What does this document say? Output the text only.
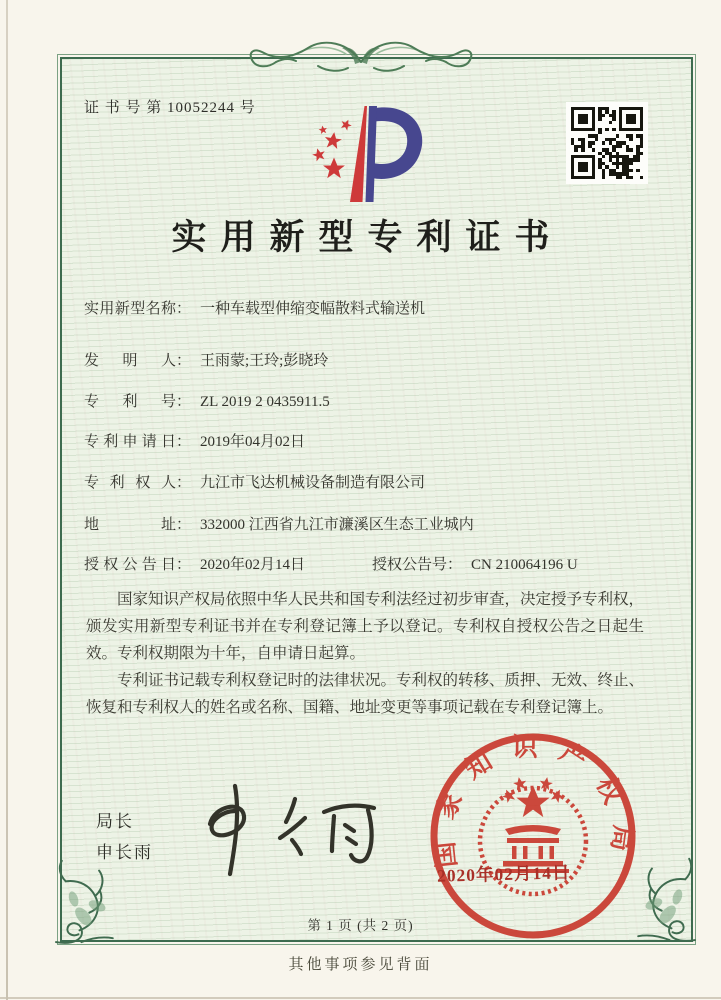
证 书 号 第 10052244 号
实用新型专利证书
实用新型名称： 一种车载型伸缩变幅散料式输送机
发明人： 王雨蒙;王玲;彭晓玲
专利号： ZL 2019 2 0435911.5
专利申请日： 2019年04月02日
专利权人： 九江市飞达机械设备制造有限公司
地址： 332000 江西省九江市濂溪区生态工业城内
授权公告日： 2020年02月14日	授权公告号： CN 210064196 U

国家知识产权局依照中华人民共和国专利法经过初步审查，决定授予专利权，颁发实用新型专利证书并在专利登记簿上予以登记。专利权自授权公告之日起生效。专利权期限为十年，自申请日起算。

专利证书记载专利权登记时的法律状况。专利权的转移、质押、无效、终止、恢复和专利权人的姓名或名称、国籍、地址变更等事项记载在专利登记簿上。

局长
申长雨	国家知识产权局
2020年02月14日
第 1 页 (共 2 页)
其他事项参见背面
